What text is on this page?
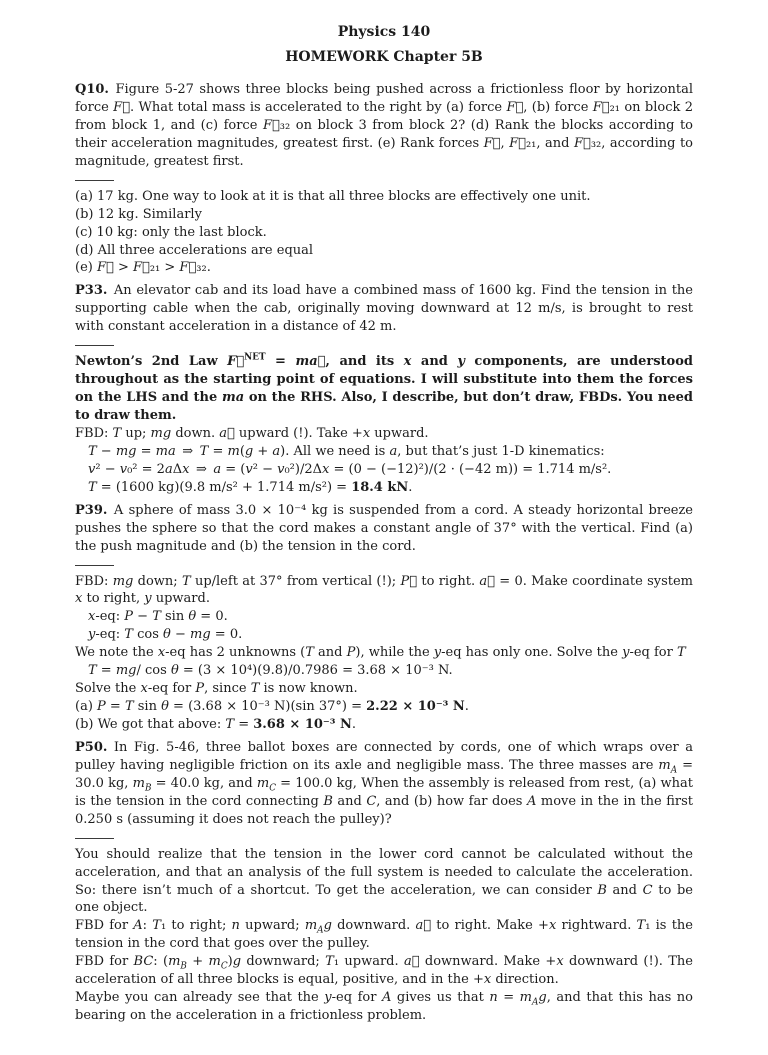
Physics 140
HOMEWORK Chapter 5B
Q10. Figure 5-27 shows three blocks being pushed across a frictionless floor by horizontal force F⃗. What total mass is accelerated to the right by (a) force F⃗, (b) force F⃗₂₁ on block 2 from block 1, and (c) force F⃗₃₂ on block 3 from block 2? (d) Rank the blocks according to their acceleration magnitudes, greatest first. (e) Rank forces F⃗, F⃗₂₁, and F⃗₃₂, according to magnitude, greatest first.
(a) 17 kg. One way to look at it is that all three blocks are effectively one unit.
(b) 12 kg. Similarly
(c) 10 kg: only the last block.
(d) All three accelerations are equal
(e) F⃗ > F⃗₂₁ > F⃗₃₂.
P33. An elevator cab and its load have a combined mass of 1600 kg. Find the tension in the supporting cable when the cab, originally moving downward at 12 m/s, is brought to rest with constant acceleration in a distance of 42 m.
Newton’s 2nd Law F⃗$^{NET}$ = ma⃗, and its x and y components, are understood throughout as the starting point of equations. I will substitute into them the forces on the LHS and the ma on the RHS. Also, I describe, but don’t draw, FBDs. You need to draw them.
FBD: T up; mg down. a⃗ upward (!). Take +x upward.
T − mg = ma ⇒ T = m(g + a). All we need is a, but that’s just 1-D kinematics:
v² − v₀² = 2aΔx ⇒ a = (v² − v₀²)/2Δx = (0 − (−12)²)/(2 · (−42 m)) = 1.714 m/s².
T = (1600 kg)(9.8 m/s² + 1.714 m/s²) = 18.4 kN.
P39. A sphere of mass 3.0 × 10⁻⁴ kg is suspended from a cord. A steady horizontal breeze pushes the sphere so that the cord makes a constant angle of 37° with the vertical. Find (a) the push magnitude and (b) the tension in the cord.
FBD: mg down; T up/left at 37° from vertical (!); P⃗ to right. a⃗ = 0. Make coordinate system x to right, y upward.
x-eq: P − T sin θ = 0.
y-eq: T cos θ − mg = 0.
We note the x-eq has 2 unknowns (T and P), while the y-eq has only one. Solve the y-eq for T
T = mg/ cos θ = (3 × 10⁴)(9.8)/0.7986 = 3.68 × 10⁻³ N.
Solve the x-eq for P, since T is now known.
(a) P = T sin θ = (3.68 × 10⁻³ N)(sin 37°) = 2.22 × 10⁻³ N.
(b) We got that above: T = 3.68 × 10⁻³ N.
P50. In Fig. 5-46, three ballot boxes are connected by cords, one of which wraps over a pulley having negligible friction on its axle and negligible mass. The three masses are $m_A = 30.0$ kg, $m_B = 40.0$ kg, and $m_C = 100.0$ kg, When the assembly is released from rest, (a) what is the tension in the cord connecting B and C, and (b) how far does A move in the in the first 0.250 s (assuming it does not reach the pulley)?
You should realize that the tension in the lower cord cannot be calculated without the acceleration, and that an analysis of the full system is needed to calculate the acceleration. So: there isn’t much of a shortcut. To get the acceleration, we can consider B and C to be one object.
FBD for A: T₁ to right; n upward; $m_Ag$ downward. a⃗ to right. Make +x rightward. T₁ is the tension in the cord that goes over the pulley.
FBD for BC: $(m_B + m_C)g$ downward; T₁ upward. a⃗ downward. Make +x downward (!). The acceleration of all three blocks is equal, positive, and in the +x direction.
Maybe you can already see that the y-eq for A gives us that $n = m_Ag$, and that this has no bearing on the acceleration in a frictionless problem.
